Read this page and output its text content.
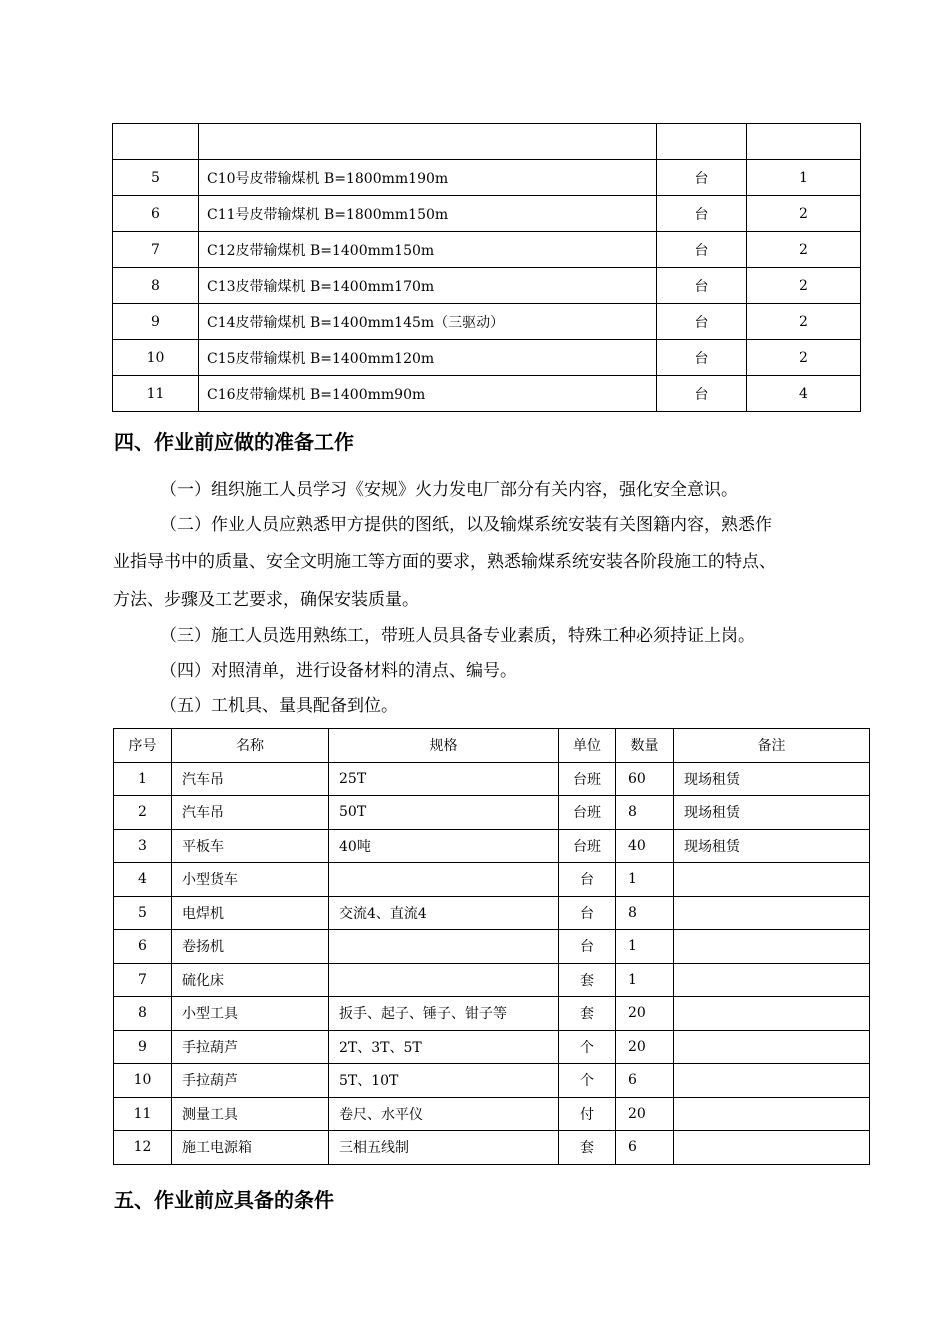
5	C10号皮带输煤机 B=1800mm190m	台	1
6	C11号皮带输煤机 B=1800mm150m	台	2
7	C12皮带输煤机 B=1400mm150m	台	2
8	C13皮带输煤机 B=1400mm170m	台	2
9	C14皮带输煤机 B=1400mm145m（三驱动）	台	2
10	C15皮带输煤机 B=1400mm120m	台	2
11	C16皮带输煤机 B=1400mm90m	台	4
四、作业前应做的准备工作
（一）组织施工人员学习《安规》火力发电厂部分有关内容，强化安全意识。
（二）作业人员应熟悉甲方提供的图纸，以及输煤系统安装有关图籍内容，熟悉作
业指导书中的质量、安全文明施工等方面的要求，熟悉输煤系统安装各阶段施工的特点、
方法、步骤及工艺要求，确保安装质量。
（三）施工人员选用熟练工，带班人员具备专业素质，特殊工种必须持证上岗。
（四）对照清单，进行设备材料的清点、编号。
（五）工机具、量具配备到位。
序号	名称	规格	单位	数量	备注
1	汽车吊	25T	台班	60	现场租赁
2	汽车吊	50T	台班	8	现场租赁
3	平板车	40吨	台班	40	现场租赁
4	小型货车		台	1	
5	电焊机	交流4、直流4	台	8	
6	卷扬机		台	1	
7	硫化床		套	1	
8	小型工具	扳手、起子、锤子、钳子等	套	20	
9	手拉葫芦	2T、3T、5T	个	20	
10	手拉葫芦	5T、10T	个	6	
11	测量工具	卷尺、水平仪	付	20	
12	施工电源箱	三相五线制	套	6	
五、作业前应具备的条件
